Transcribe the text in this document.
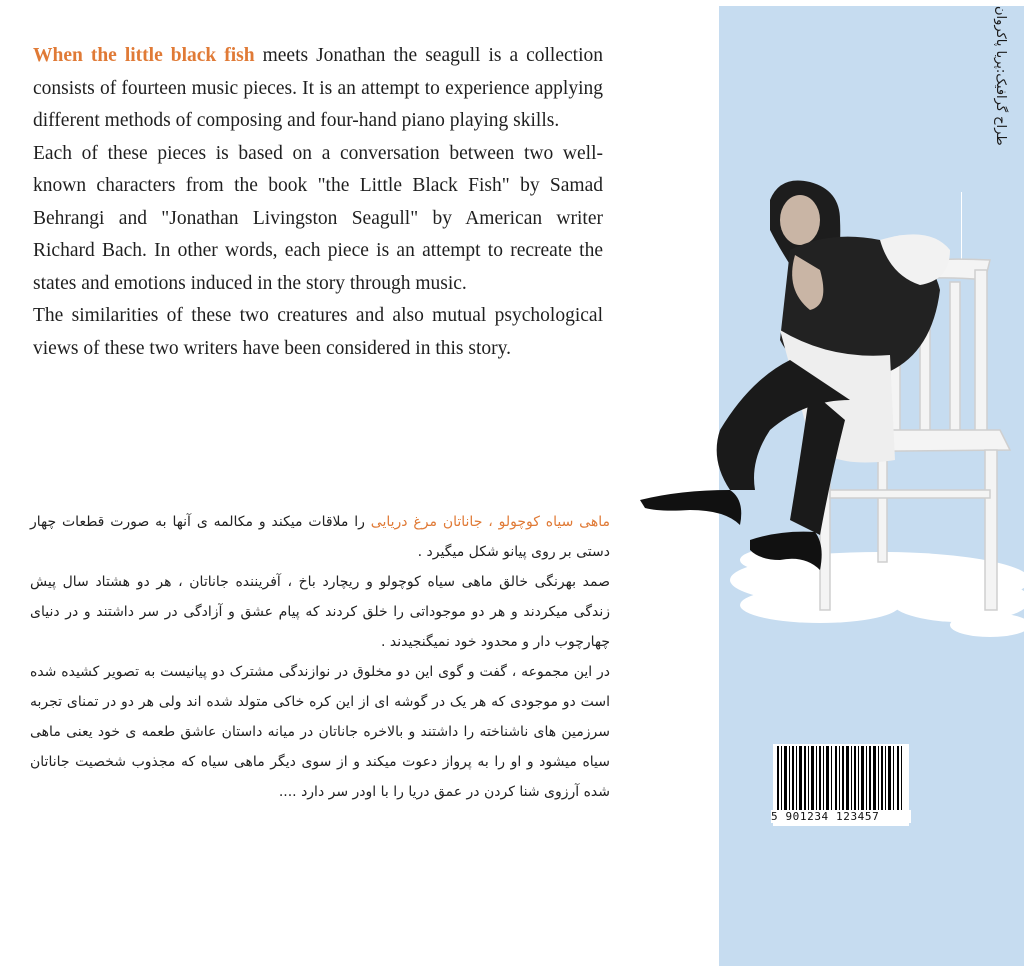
When the little black fish meets Jonathan the seagull is a collection consists of fourteen music pieces. It is an attempt to experience applying different methods of composing and four-hand piano playing skills.

Each of these pieces is based on a conversation between two well-known characters from the book "the Little Black Fish" by Samad Behrangi and "Jonathan Livingston Seagull" by American writer Richard Bach. In other words, each piece is an attempt to recreate the states and emotions induced in the story through music.

The similarities of these two creatures and also mutual psychological views of these two writers have been considered in this story.

ماهی سیاه کوچولو ، جاناتان مرغ دریایی را ملاقات میکند و مکالمه ی آنها به صورت قطعات چهار دستی بر روی پیانو شکل میگیرد .

صمد بهرنگی خالق ماهی سیاه کوچولو و ریچارد باخ ، آفریننده جاناتان ، هر دو هشتاد سال پیش زندگی میکردند و هر دو موجوداتی را خلق کردند که پیام عشق و آزادگی در سر داشتند و در دنیای چهارچوب دار و محدود خود نمیگنجیدند .

در این مجموعه ، گفت و گوی این دو مخلوق در نوازندگی مشترک دو پیانیست به تصویر کشیده شده است دو موجودی که هر یک در گوشه ای از این کره خاکی متولد شده اند ولی هر دو در تمنای تجربه سرزمین های ناشناخته را داشتند و بالاخره جاناتان در میانه داستان عاشق طعمه ی خود یعنی ماهی سیاه میشود و او را به پرواز دعوت میکند و از سوی دیگر ماهی سیاه که مجذوب شخصیت جاناتان شده آرزوی شنا کردن در عمق دریا را با اودر سر دارد ....

طراح گرافیک:پریا پاکروان
5 901234 123457
